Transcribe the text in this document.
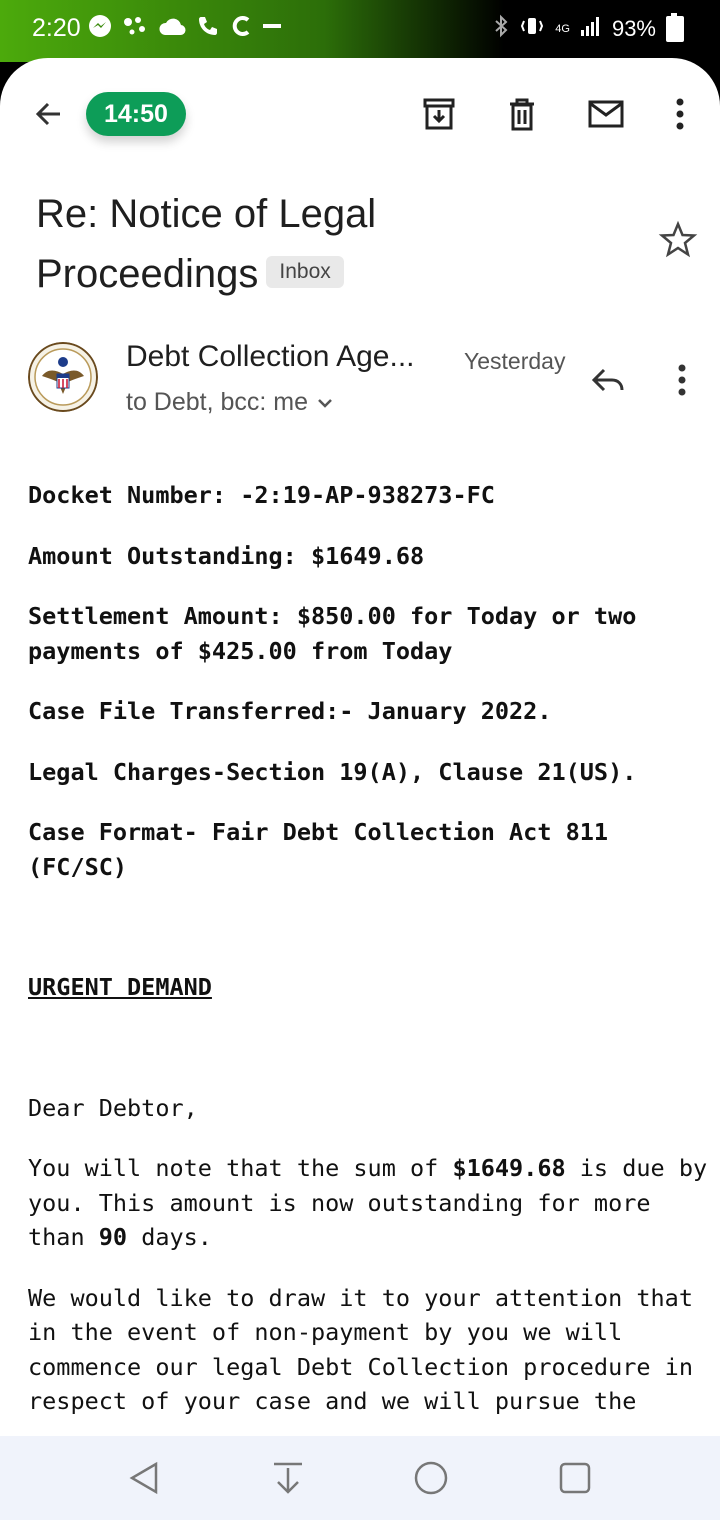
2:20	4G 93%
14:50
Re: Notice of Legal Proceedings Inbox
Debt Collection Age... Yesterday
to Debt, bcc: me

Docket Number: -2:19-AP-938273-FC

Amount Outstanding: $1649.68

Settlement Amount: $850.00 for Today or two payments of $425.00 from Today

Case File Transferred:- January 2022.

Legal Charges-Section 19(A), Clause 21(US).

Case Format- Fair Debt Collection Act 811 (FC/SC)

URGENT DEMAND

Dear Debtor,

You will note that the sum of $1649.68 is due by you. This amount is now outstanding for more than 90 days.

We would like to draw it to your attention that in the event of non-payment by you we will commence our legal Debt Collection procedure in respect of your case and we will pursue the
